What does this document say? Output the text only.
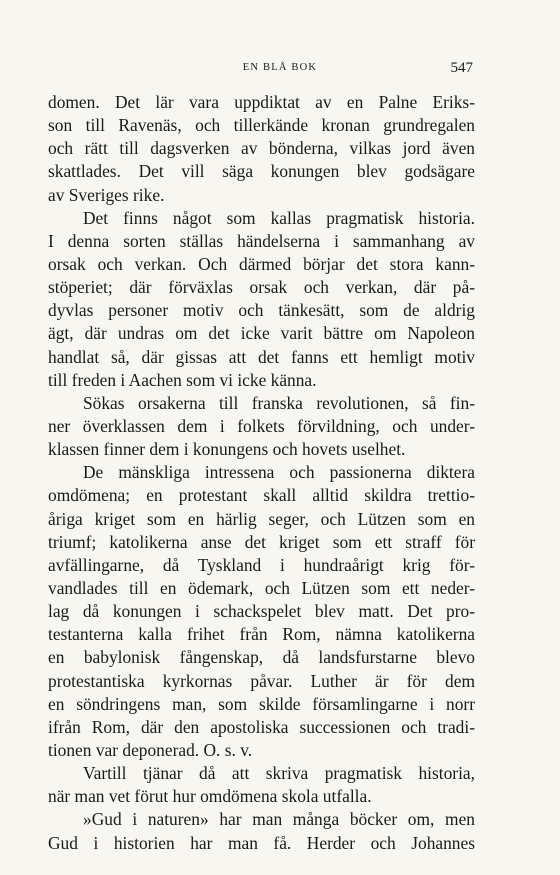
EN BLÅ BOK	547
domen. Det lär vara uppdiktat av en Palne Eriks-
son till Ravenäs, och tillerkände kronan grundregalen
och rätt till dagsverken av bönderna, vilkas jord även
skattlades. Det vill säga konungen blev godsägare
av Sveriges rike.
Det finns något som kallas pragmatisk historia.
I denna sorten ställas händelserna i sammanhang av
orsak och verkan. Och därmed börjar det stora kann-
stöperiet; där förväxlas orsak och verkan, där på-
dyvlas personer motiv och tänkesätt, som de aldrig
ägt, där undras om det icke varit bättre om Napoleon
handlat så, där gissas att det fanns ett hemligt motiv
till freden i Aachen som vi icke känna.
Sökas orsakerna till franska revolutionen, så fin-
ner överklassen dem i folkets förvildning, och under-
klassen finner dem i konungens och hovets uselhet.
De mänskliga intressena och passionerna diktera
omdömena; en protestant skall alltid skildra trettio-
åriga kriget som en härlig seger, och Lützen som en
triumf; katolikerna anse det kriget som ett straff för
avfällingarne, då Tyskland i hundraårigt krig för-
vandlades till en ödemark, och Lützen som ett neder-
lag då konungen i schackspelet blev matt. Det pro-
testanterna kalla frihet från Rom, nämna katolikerna
en babylonisk fångenskap, då landsfurstarne blevo
protestantiska kyrkornas påvar. Luther är för dem
en söndringens man, som skilde församlingarne i norr
ifrån Rom, där den apostoliska successionen och tradi-
tionen var deponerad. O. s. v.
Vartill tjänar då att skriva pragmatisk historia,
när man vet förut hur omdömena skola utfalla.
»Gud i naturen» har man många böcker om, men
Gud i historien har man få. Herder och Johannes
